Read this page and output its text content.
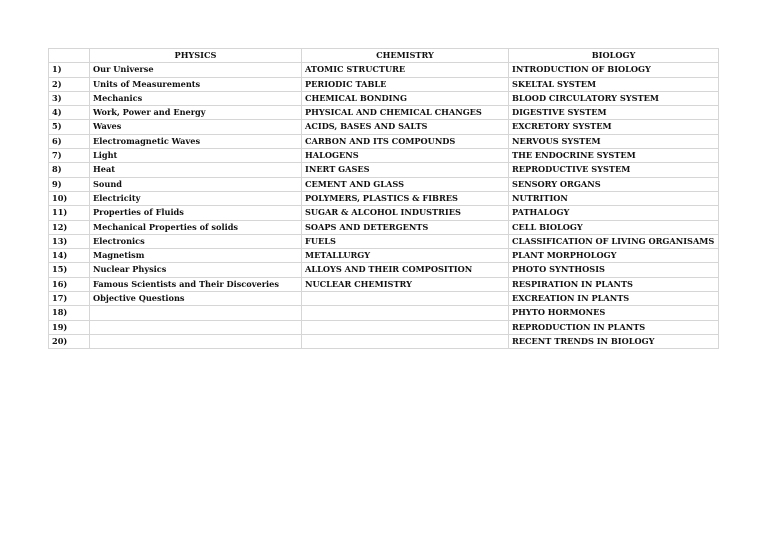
	PHYSICS	CHEMISTRY	BIOLOGY
1)	Our Universe	ATOMIC STRUCTURE	INTRODUCTION OF BIOLOGY
2)	Units of Measurements	PERIODIC TABLE	SKELTAL SYSTEM
3)	Mechanics	CHEMICAL BONDING	BLOOD CIRCULATORY SYSTEM
4)	Work, Power and Energy	PHYSICAL AND CHEMICAL CHANGES	DIGESTIVE SYSTEM
5)	Waves	ACIDS, BASES AND SALTS	EXCRETORY SYSTEM
6)	Electromagnetic Waves	CARBON AND ITS COMPOUNDS	NERVOUS SYSTEM
7)	Light	HALOGENS	THE ENDOCRINE SYSTEM
8)	Heat	INERT GASES	REPRODUCTIVE SYSTEM
9)	Sound	CEMENT AND GLASS	SENSORY ORGANS
10)	Electricity	POLYMERS, PLASTICS & FIBRES	NUTRITION
11)	Properties of Fluids	SUGAR & ALCOHOL INDUSTRIES	PATHALOGY
12)	Mechanical Properties of solids	SOAPS AND DETERGENTS	CELL BIOLOGY
13)	Electronics	FUELS	CLASSIFICATION OF LIVING ORGANISAMS
14)	Magnetism	METALLURGY	PLANT MORPHOLOGY
15)	Nuclear Physics	ALLOYS AND THEIR COMPOSITION	PHOTO SYNTHOSIS
16)	Famous Scientists and Their Discoveries	NUCLEAR CHEMISTRY	RESPIRATION IN PLANTS
17)	Objective Questions		EXCREATION IN PLANTS
18)			PHYTO HORMONES
19)			REPRODUCTION IN PLANTS
20)			RECENT TRENDS IN BIOLOGY
